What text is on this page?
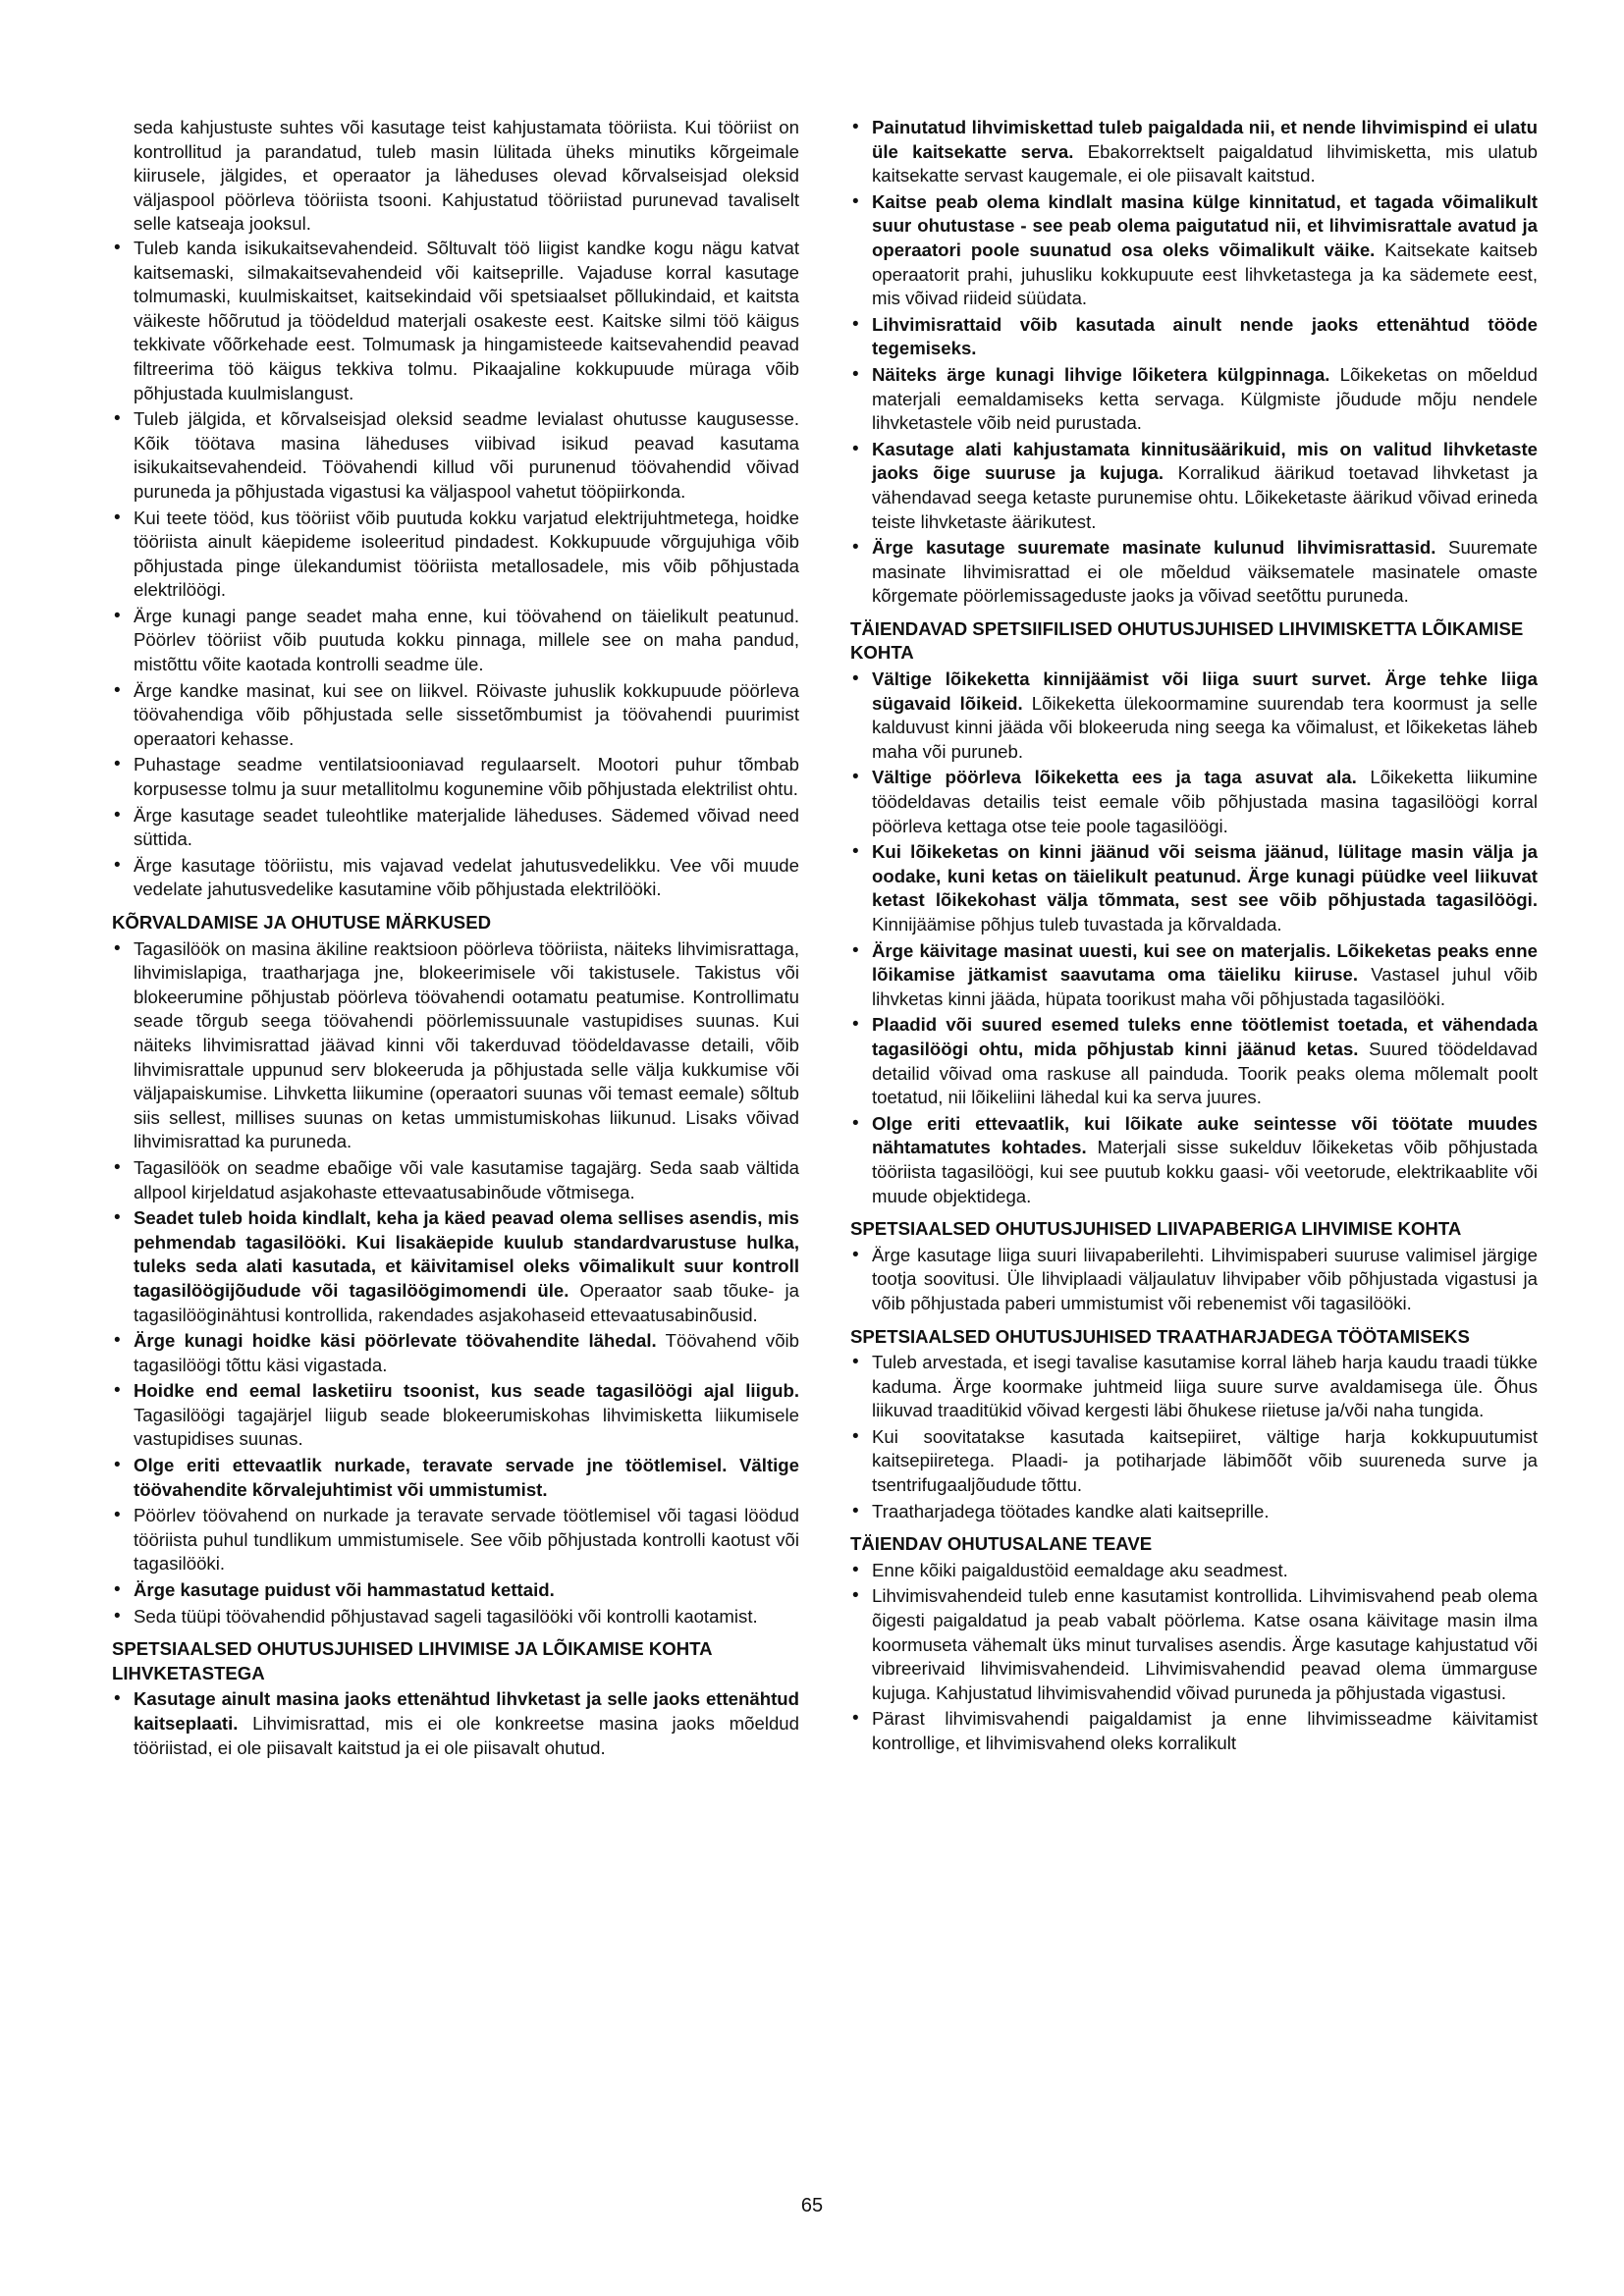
seda kahjustuste suhtes või kasutage teist kahjustamata tööriista. Kui tööriist on kontrollitud ja parandatud, tuleb masin lülitada üheks minutiks kõrgeimale kiirusele, jälgides, et operaator ja läheduses olevad kõrvalseisjad oleksid väljaspool pöörleva tööriista tsooni. Kahjustatud tööriistad purunevad tavaliselt selle katseaja jooksul.

• Tuleb kanda isikukaitsevahendeid. Sõltuvalt töö liigist kandke kogu nägu katvat kaitsemaski, silmakaitsevahendeid või kaitseprille. Vajaduse korral kasutage tolmumaski, kuulmiskaitset, kaitsekindaid või spetsiaalset põllukindaid, et kaitsta väikeste hõõrutud ja töödeldud materjali osakeste eest. Kaitske silmi töö käigus tekkivate võõrkehade eest. Tolmumask ja hingamisteede kaitsevahendid peavad filtreerima töö käigus tekkiva tolmu. Pikaajaline kokkupuude müraga võib põhjustada kuulmislangust.
• Tuleb jälgida, et kõrvalseisjad oleksid seadme levialast ohutusse kaugusesse. Kõik töötava masina läheduses viibivad isikud peavad kasutama isikukaitsevahendeid. Töövahendi killud või purunenud töövahendid võivad puruneda ja põhjustada vigastusi ka väljaspool vahetut tööpiirkonda.
• Kui teete tööd, kus tööriist võib puutuda kokku varjatud elektrijuhtmetega, hoidke tööriista ainult käepideme isoleeritud pindadest. Kokkupuude võrgujuhiga võib põhjustada pinge ülekandumist tööriista metallosadele, mis võib põhjustada elektrilöögi.
• Ärge kunagi pange seadet maha enne, kui töövahend on täielikult peatunud. Pöörlev tööriist võib puutuda kokku pinnaga, millele see on maha pandud, mistõttu võite kaotada kontrolli seadme üle.
• Ärge kandke masinat, kui see on liikvel. Röivaste juhuslik kokkupuude pöörleva töövahendiga võib põhjustada selle sissetõmbumist ja töövahendi puurimist operaatori kehasse.
• Puhastage seadme ventilatsiooniavad regulaarselt. Mootori puhur tõmbab korpusesse tolmu ja suur metallitolmu kogunemine võib põhjustada elektrilist ohtu.
• Ärge kasutage seadet tuleohtlike materjalide läheduses. Sädemed võivad need süttida.
• Ärge kasutage tööriistu, mis vajavad vedelat jahutusvedelikku. Vee või muude vedelate jahutusvedelike kasutamine võib põhjustada elektrilööki.
KÕRVALDAMISE JA OHUTUSE MÄRKUSED
• Tagasilöök on masina äkiline reaktsioon pöörleva tööriista, näiteks lihvimisrattaga, lihvimislapiga, traatharjaga jne, blokeerimisele või takistusele. Takistus või blokeerumine põhjustab pöörleva töövahendi ootamatu peatumise. Kontrollimatu seade tõrgub seega töövahendi pöörlemissuunale vastupidises suunas. Kui näiteks lihvimisrattad jäävad kinni või takerduvad töödeldavasse detaili, võib lihvimisrattale uppunud serv blokeeruda ja põhjustada selle välja kukkumise või väljapaiskumise. Lihvketta liikumine (operaatori suunas või temast eemale) sõltub siis sellest, millises suunas on ketas ummistumiskohas liikunud. Lisaks võivad lihvimisrattad ka puruneda.
• Tagasilöök on seadme ebaõige või vale kasutamise tagajärg. Seda saab vältida allpool kirjeldatud asjakohaste ettevaatusabinõude võtmisega.
• Seadet tuleb hoida kindlalt, keha ja käed peavad olema sellises asendis, mis pehmendab tagasilööki. Kui lisakäepide kuulub standardvarustuse hulka, tuleks seda alati kasutada, et käivitamisel oleks võimalikult suur kontroll tagasilöögijõudude või tagasilöögimomendi üle. Operaator saab tõuke- ja tagasilööginähtusi kontrollida, rakendades asjakohaseid ettevaatusabinõusid.
• Ärge kunagi hoidke käsi pöörlevate töövahendite lähedal. Töövahend võib tagasilöögi tõttu käsi vigastada.
• Hoidke end eemal lasketiiru tsoonist, kus seade tagasilöögi ajal liigub. Tagasilöögi tagajärjel liigub seade blokeerumiskohas lihvimisketta liikumisele vastupidises suunas.
• Olge eriti ettevaatlik nurkade, teravate servade jne töötlemisel. Vältige töövahendite kõrvalejuhtimist või ummistumist.
• Pöörlev töövahend on nurkade ja teravate servade töötlemisel või tagasi löödud tööriista puhul tundlikum ummistumisele. See võib põhjustada kontrolli kaotust või tagasilööki.
• Ärge kasutage puidust või hammastatud kettaid.
• Seda tüüpi töövahendid põhjustavad sageli tagasilööki või kontrolli kaotamist.
SPETSIAALSED OHUTUSJUHISED LIHVIMISE JA LÕIKAMISE KOHTA LIHVKETASTEGA
• Kasutage ainult masina jaoks ettenähtud lihvketast ja selle jaoks ettenähtud kaitseplaati. Lihvimisrattad, mis ei ole konkreetse masina jaoks mõeldud tööriistad, ei ole piisavalt kaitstud ja ei ole piisavalt ohutud.
• Painutatud lihvimiskettad tuleb paigaldada nii, et nende lihvimispind ei ulatu üle kaitsekatte serva. Ebakorrektselt paigaldatud lihvimisketta, mis ulatub kaitsekatte servast kaugemale, ei ole piisavalt kaitstud.
• Kaitse peab olema kindlalt masina külge kinnitatud, et tagada võimalikult suur ohutustase - see peab olema paigutatud nii, et lihvimisrattale avatud ja operaatori poole suunatud osa oleks võimalikult väike. Kaitsekate kaitseb operaatorit prahi, juhusliku kokkupuute eest lihvketastega ja ka sädemete eest, mis võivad riideid süüdata.
• Lihvimisrattaid võib kasutada ainult nende jaoks ettenähtud tööde tegemiseks.
• Näiteks ärge kunagi lihvige lõiketera külgpinnaga. Lõikeketas on mõeldud materjali eemaldamiseks ketta servaga. Külgmiste jõudude mõju nendele lihvketastele võib neid purustada.
• Kasutage alati kahjustamata kinnitusäärikuid, mis on valitud lihvketaste jaoks õige suuruse ja kujuga. Korralikud äärikud toetavad lihvketast ja vähendavad seega ketaste purunemise ohtu. Lõikeketaste äärikud võivad erineda teiste lihvketaste äärikutest.
• Ärge kasutage suuremate masinate kulunud lihvimisrattasid. Suuremate masinate lihvimisrattad ei ole mõeldud väiksematele masinatele omaste kõrgemate pöörlemissageduste jaoks ja võivad seetõttu puruneda.
TÄIENDAVAD SPETSIIFILISED OHUTUSJUHISED LIHVIMISKETTA LÕIKAMISE KOHTA
• Vältige lõikeketta kinnijäämist või liiga suurt survet. Ärge tehke liiga sügavaid lõikeid. Lõikeketta ülekoormamine suurendab tera koormust ja selle kalduvust kinni jääda või blokeeruda ning seega ka võimalust, et lõikeketas läheb maha või puruneb.
• Vältige pöörleva lõikeketta ees ja taga asuvat ala. Lõikeketta liikumine töödeldavas detailis teist eemale võib põhjustada masina tagasilöögi korral pöörleva kettaga otse teie poole tagasilöögi.
• Kui lõikeketas on kinni jäänud või seisma jäänud, lülitage masin välja ja oodake, kuni ketas on täielikult peatunud. Ärge kunagi püüdke veel liikuvat ketast lõikekohast välja tõmmata, sest see võib põhjustada tagasilöögi. Kinnijäämise põhjus tuleb tuvastada ja kõrvaldada.
• Ärge käivitage masinat uuesti, kui see on materjalis. Lõikeketas peaks enne lõikamise jätkamist saavutama oma täieliku kiiruse. Vastasel juhul võib lihvketas kinni jääda, hüpata toorikust maha või põhjustada tagasilööki.
• Plaadid või suured esemed tuleks enne töötlemist toetada, et vähendada tagasilöögi ohtu, mida põhjustab kinni jäänud ketas. Suured töödeldavad detailid võivad oma raskuse all painduda. Toorik peaks olema mõlemalt poolt toetatud, nii lõikeliini lähedal kui ka serva juures.
• Olge eriti ettevaatlik, kui lõikate auke seintesse või töötate muudes nähtamatutes kohtades. Materjali sisse sukelduv lõikeketas võib põhjustada tööriista tagasilöögi, kui see puutub kokku gaasi- või veetorude, elektrikaablite või muude objektidega.
SPETSIAALSED OHUTUSJUHISED LIIVAPABERIGA LIHVIMISE KOHTA
• Ärge kasutage liiga suuri liivapaberilehti. Lihvimispaberi suuruse valimisel järgige tootja soovitusi. Üle lihviplaadi väljaulatuv lihvipaber võib põhjustada vigastusi ja võib põhjustada paberi ummistumist või rebenemist või tagasilööki.
SPETSIAALSED OHUTUSJUHISED TRAATHARJADEGA TÖÖTAMISEKS
• Tuleb arvestada, et isegi tavalise kasutamise korral läheb harja kaudu traadi tükke kaduma. Ärge koormake juhtmeid liiga suure surve avaldamisega üle. Õhus liikuvad traaditükid võivad kergesti läbi õhukese riietuse ja/või naha tungida.
• Kui soovitatakse kasutada kaitsepiiret, vältige harja kokkupuutumist kaitsepiiretega. Plaadi- ja potiharjade läbimõõt võib suureneda surve ja tsentrifugaaljõudude tõttu.
• Traatharjadega töötades kandke alati kaitseprille.
TÄIENDAV OHUTUSALANE TEAVE
• Enne kõiki paigaldustöid eemaldage aku seadmest.
• Lihvimisvahendeid tuleb enne kasutamist kontrollida. Lihvimisvahend peab olema õigesti paigaldatud ja peab vabalt pöörlema. Katse osana käivitage masin ilma koormuseta vähemalt üks minut turvalises asendis. Ärge kasutage kahjustatud või vibreerivaid lihvimisvahendeid. Lihvimisvahendid peavad olema ümmarguse kujuga. Kahjustatud lihvimisvahendid võivad puruneda ja põhjustada vigastusi.
• Pärast lihvimisvahendi paigaldamist ja enne lihvimisseadme käivitamist kontrollige, et lihvimisvahend oleks korralikult
65
